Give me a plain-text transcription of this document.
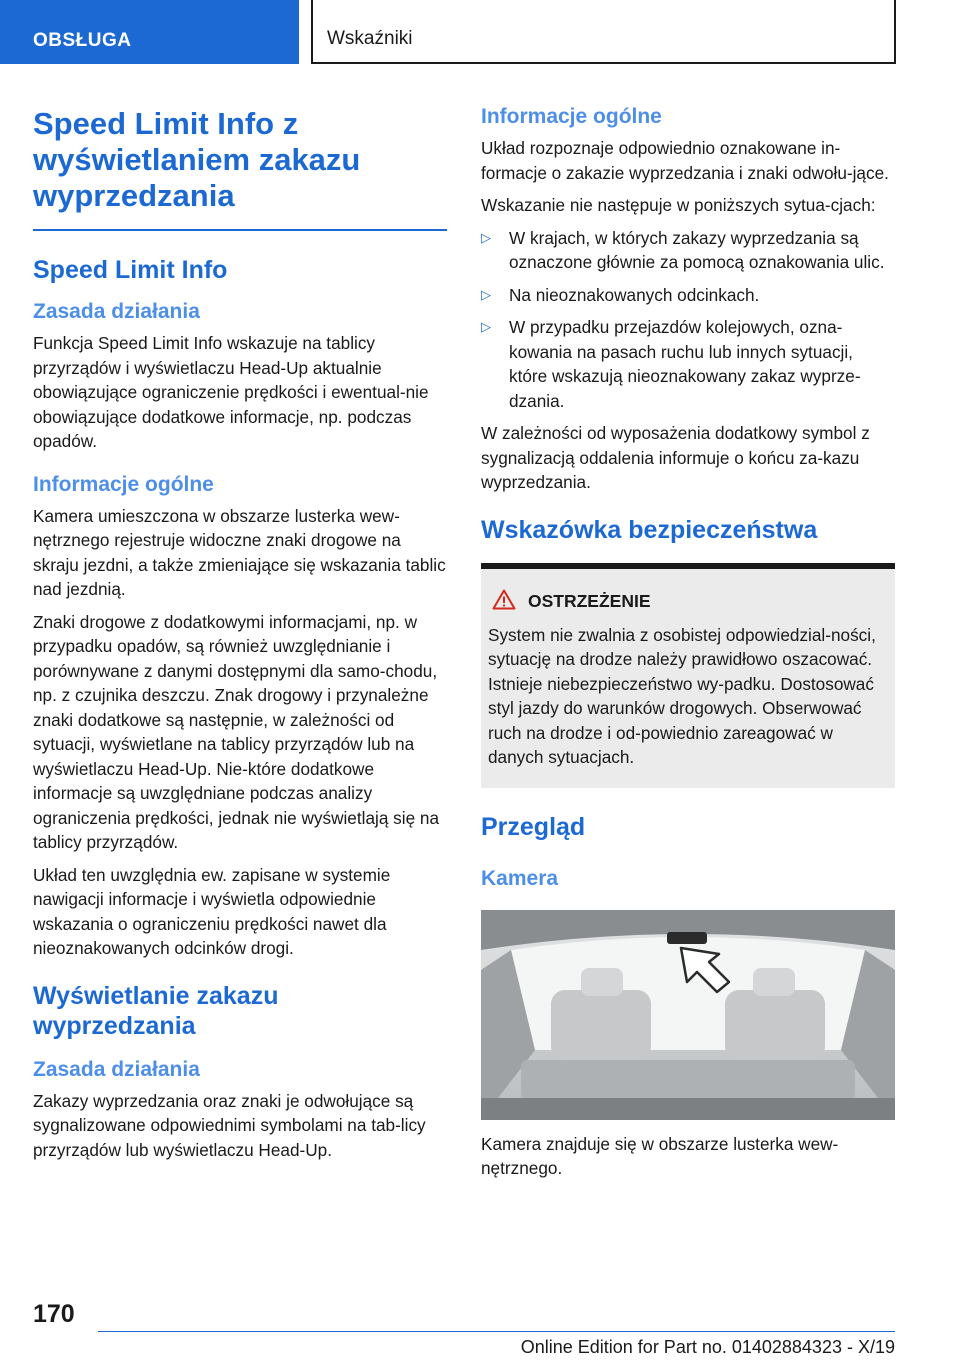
OBSŁUGA	Wskaźniki
Speed Limit Info z wyświetlaniem zakazu wyprzedzania
Speed Limit Info
Zasada działania

Funkcja Speed Limit Info wskazuje na tablicy przyrządów i wyświetlaczu Head-Up aktualnie obowiązujące ograniczenie prędkości i ewentual-nie obowiązujące dodatkowe informacje, np. podczas opadów.

Informacje ogólne

Kamera umieszczona w obszarze lusterka wew-nętrznego rejestruje widoczne znaki drogowe na skraju jezdni, a także zmieniające się wskazania tablic nad jezdnią.

Znaki drogowe z dodatkowymi informacjami, np. w przypadku opadów, są również uwzględnianie i porównywane z danymi dostępnymi dla samo-chodu, np. z czujnika deszczu. Znak drogowy i przynależne znaki dodatkowe są następnie, w zależności od sytuacji, wyświetlane na tablicy przyrządów lub na wyświetlaczu Head-Up. Nie-które dodatkowe informacje są uwzględniane podczas analizy ograniczenia prędkości, jednak nie wyświetlają się na tablicy przyrządów.

Układ ten uwzględnia ew. zapisane w systemie nawigacji informacje i wyświetla odpowiednie wskazania o ograniczeniu prędkości nawet dla nieoznakowanych odcinków drogi.

Wyświetlanie zakazu wyprzedzania
Zasada działania

Zakazy wyprzedzania oraz znaki je odwołujące są sygnalizowane odpowiednimi symbolami na tab-licy przyrządów lub wyświetlaczu Head-Up.

Informacje ogólne

Układ rozpoznaje odpowiednio oznakowane in-formacje o zakazie wyprzedzania i znaki odwołu-jące.

Wskazanie nie następuje w poniższych sytua-cjach:

▷ W krajach, w których zakazy wyprzedzania są oznaczone głównie za pomocą oznakowania ulic.
▷ Na nieoznakowanych odcinkach.
▷ W przypadku przejazdów kolejowych, ozna-kowania na pasach ruchu lub innych sytuacji, które wskazują nieoznakowany zakaz wyprze-dzania.

W zależności od wyposażenia dodatkowy symbol z sygnalizacją oddalenia informuje o końcu za-kazu wyprzedzania.

Wskazówka bezpieczeństwa
OSTRZEŻENIE

System nie zwalnia z osobistej odpowiedzial-ności, sytuację na drodze należy prawidłowo oszacować. Istnieje niebezpieczeństwo wy-padku. Dostosować styl jazdy do warunków drogowych. Obserwować ruch na drodze i od-powiednio zareagować w danych sytuacjach.

Przegląd
Kamera

Kamera znajduje się w obszarze lusterka wew-nętrznego.

170
Online Edition for Part no. 01402884323 - X/19
